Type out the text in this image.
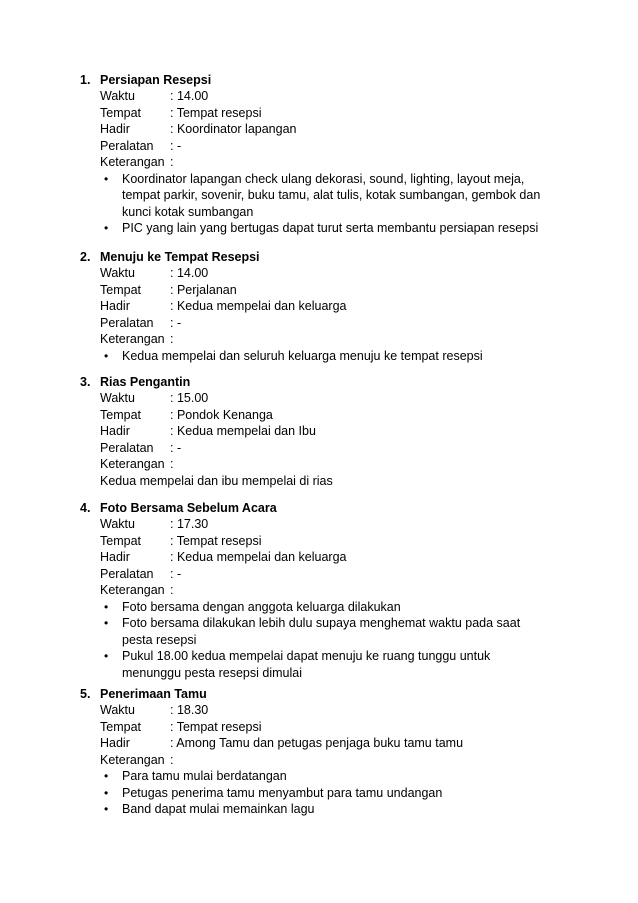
1. Persiapan Resepsi
Waktu	: 14.00
Tempat : Tempat resepsi
Hadir	: Koordinator lapangan
Peralatan : -
Keterangan :
• Koordinator lapangan check ulang dekorasi, sound, lighting, layout meja, tempat parkir, sovenir, buku tamu, alat tulis, kotak sumbangan, gembok dan kunci kotak sumbangan
• PIC yang lain yang bertugas dapat turut serta membantu persiapan resepsi
2. Menuju ke Tempat Resepsi
Waktu	: 14.00
Tempat : Perjalanan
Hadir	: Kedua mempelai dan keluarga
Peralatan : -
Keterangan :
• Kedua mempelai dan seluruh keluarga menuju ke tempat resepsi
3. Rias Pengantin
Waktu	: 15.00
Tempat : Pondok Kenanga
Hadir	: Kedua mempelai dan Ibu
Peralatan : -
Keterangan :
Kedua mempelai dan ibu mempelai di rias
4. Foto Bersama Sebelum Acara
Waktu	: 17.30
Tempat : Tempat resepsi
Hadir	: Kedua mempelai dan keluarga
Peralatan : -
Keterangan :
• Foto bersama dengan anggota keluarga dilakukan
• Foto bersama dilakukan lebih dulu supaya menghemat waktu pada saat pesta resepsi
• Pukul 18.00 kedua mempelai dapat menuju ke ruang tunggu untuk menunggu pesta resepsi dimulai
5. Penerimaan Tamu
Waktu	: 18.30
Tempat : Tempat resepsi
Hadir	: Among Tamu dan petugas penjaga buku tamu tamu
Keterangan :
• Para tamu mulai berdatangan
• Petugas penerima tamu menyambut para tamu undangan
• Band dapat mulai memainkan lagu
